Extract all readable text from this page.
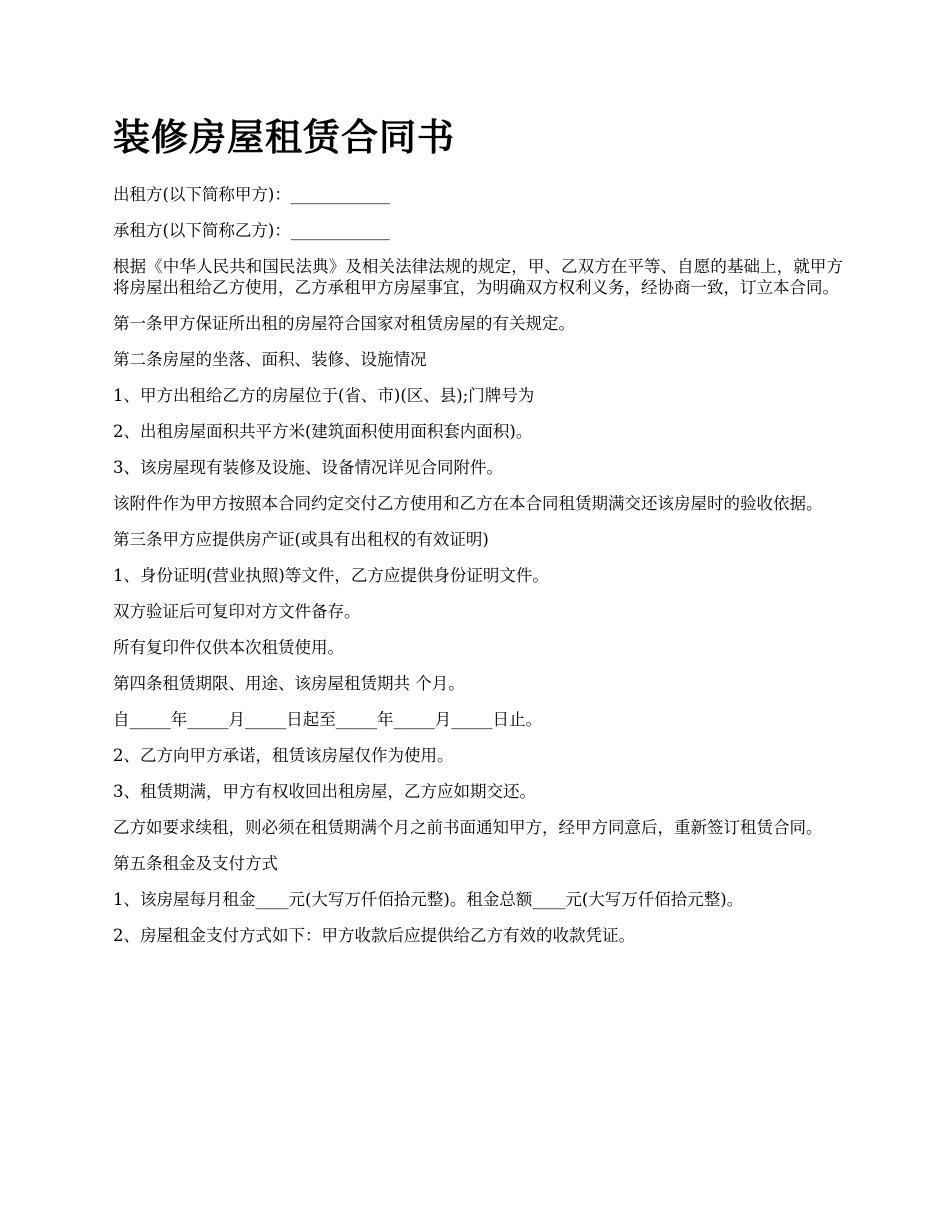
装修房屋租赁合同书

出租方(以下简称甲方)：____________

承租方(以下简称乙方)：____________

根据《中华人民共和国民法典》及相关法律法规的规定，甲、乙双方在平等、自愿的基础上，就甲方将房屋出租给乙方使用，乙方承租甲方房屋事宜，为明确双方权利义务，经协商一致，订立本合同。

第一条甲方保证所出租的房屋符合国家对租赁房屋的有关规定。

第二条房屋的坐落、面积、装修、设施情况

1、甲方出租给乙方的房屋位于(省、市)(区、县);门牌号为

2、出租房屋面积共平方米(建筑面积使用面积套内面积)。

3、该房屋现有装修及设施、设备情况详见合同附件。

该附件作为甲方按照本合同约定交付乙方使用和乙方在本合同租赁期满交还该房屋时的验收依据。

第三条甲方应提供房产证(或具有出租权的有效证明)

1、身份证明(营业执照)等文件，乙方应提供身份证明文件。

双方验证后可复印对方文件备存。

所有复印件仅供本次租赁使用。

第四条租赁期限、用途、该房屋租赁期共 个月。

自_____年_____月_____日起至_____年_____月_____日止。

2、乙方向甲方承诺，租赁该房屋仅作为使用。

3、租赁期满，甲方有权收回出租房屋，乙方应如期交还。

乙方如要求续租，则必须在租赁期满个月之前书面通知甲方，经甲方同意后，重新签订租赁合同。

第五条租金及支付方式

1、该房屋每月租金____元(大写万仟佰拾元整)。租金总额____元(大写万仟佰拾元整)。

2、房屋租金支付方式如下：甲方收款后应提供给乙方有效的收款凭证。
